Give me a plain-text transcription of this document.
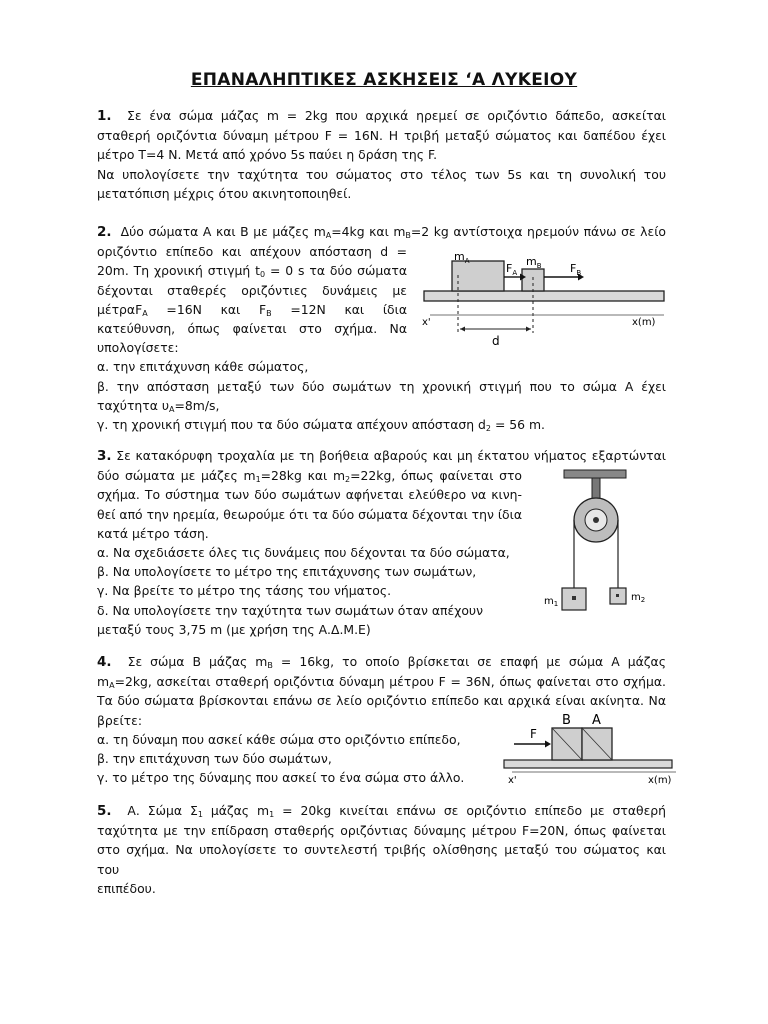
ΕΠΑΝΑΛΗΠΤΙΚΕΣ ΑΣΚΗΣΕΙΣ ‘Α ΛΥΚΕΙΟΥ
1. Σε ένα σώμα μάζας m = 2kg που αρχικά ηρεμεί σε οριζόντιο δάπεδο, ασκείται
σταθερή οριζόντια δύναμη μέτρου F = 16N. Η τριβή μεταξύ σώματος και δαπέδου έχει
μέτρο T=4 N. Μετά από χρόνο 5s παύει η δράση της F.
Να υπολογίσετε την ταχύτητα του σώματος στο τέλος των 5s και τη συνολική του
μετατόπιση μέχρις ότου ακινητοποιηθεί.
2. Δύο σώματα Α και Β με μάζες $m_A=4kg$ και $m_B=2$ kg αντίστοιχα ηρεμούν πάνω σε λείο
οριζόντιο επίπεδο και απέχουν απόσταση d =
20m. Τη χρονική στιγμή $t_0 = 0$ s τα δύο σώματα
δέχονται σταθερές οριζόντιες δυνάμεις με
μέτραF$_A$ =16N και $F_B =12N$ και ίδια
κατεύθυνση, όπως φαίνεται στο σχήμα. Να
υπολογίσετε:
α. την επιτάχυνση κάθε σώματος,
β. την απόσταση μεταξύ των δύο σωμάτων τη χρονική στιγμή που το σώμα Α έχει
ταχύτητα $\upsilon_A=8m/s$,
γ. τη χρονική στιγμή που τα δύο σώματα απέχουν απόσταση $d_2 = 56$ m.
$m_A$	$m_B$
$F_A$	$F_B$
d
x'	x(m)
3. Σε κατακόρυφη τροχαλία με τη βοήθεια αβαρούς και μη έκτατου νήματος εξαρτώνται
δύο σώματα με μάζες $m_1=28kg$ και $m_2=22kg$, όπως φαίνεται στο
σχήμα. Το σύστημα των δύο σωμάτων αφήνεται ελεύθερο να κινη-
θεί από την ηρεμία, θεωρούμε ότι τα δύο σώματα δέχονται την ίδια
κατά μέτρο τάση.
α. Να σχεδιάσετε όλες τις δυνάμεις που δέχονται τα δύο σώματα,
β. Να υπολογίσετε το μέτρο της επιτάχυνσης των σωμάτων,
γ. Να βρείτε το μέτρο της τάσης του νήματος.
δ. Να υπολογίσετε την ταχύτητα των σωμάτων όταν απέχουν
μεταξύ τους 3,75 m (με χρήση της Α.Δ.Μ.Ε)
$m_1$
$m_2$
4. Σε σώμα Β μάζας $m_B = 16kg$, το οποίο βρίσκεται σε επαφή με σώμα Α μάζας
$m_A=2kg$, ασκείται σταθερή οριζόντια δύναμη μέτρου F = 36N, όπως φαίνεται στο σχήμα.
Τα δύο σώματα βρίσκονται επάνω σε λείο οριζόντιο επίπεδο και αρχικά είναι ακίνητα. Να
βρείτε:
α. τη δύναμη που ασκεί κάθε σώμα στο οριζόντιο επίπεδο,
β. την επιτάχυνση των δύο σωμάτων,
γ. το μέτρο της δύναμης που ασκεί το ένα σώμα στο άλλο.
B A
F
x'	x(m)
5. Α. Σώμα $\Sigma_1$ μάζας $m_1 = 20kg$ κινείται επάνω σε οριζόντιο επίπεδο με σταθερή
ταχύτητα με την επίδραση σταθερής οριζόντιας δύναμης μέτρου F=20N, όπως φαίνεται
στο σχήμα. Να υπολογίσετε το συντελεστή τριβής ολίσθησης μεταξύ του σώματος και του
επιπέδου.
